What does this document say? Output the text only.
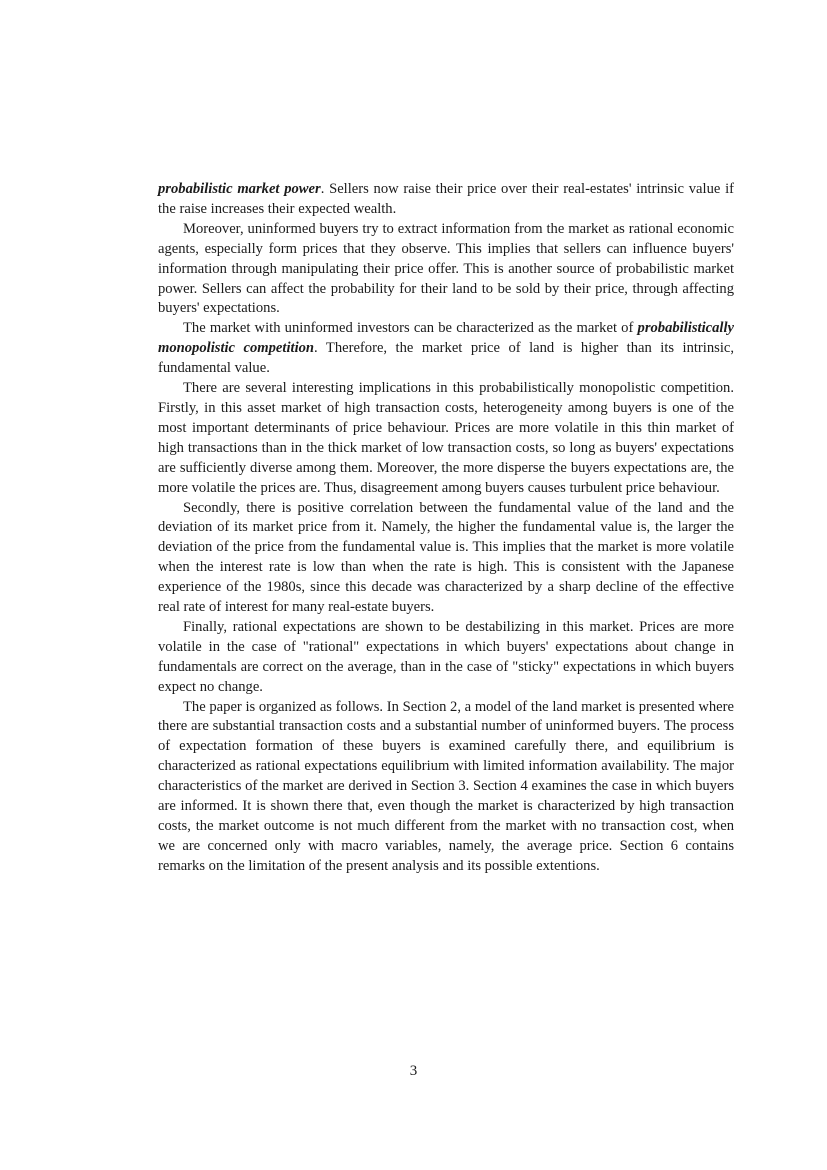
probabilistic market power. Sellers now raise their price over their real-estates' intrinsic value if the raise increases their expected wealth.

Moreover, uninformed buyers try to extract information from the market as rational economic agents, especially form prices that they observe. This implies that sellers can influence buyers' information through manipulating their price offer. This is another source of probabilistic market power. Sellers can affect the probability for their land to be sold by their price, through affecting buyers' expectations.

The market with uninformed investors can be characterized as the market of probabilistically monopolistic competition. Therefore, the market price of land is higher than its intrinsic, fundamental value.

There are several interesting implications in this probabilistically monopolistic competition. Firstly, in this asset market of high transaction costs, heterogeneity among buyers is one of the most important determinants of price behaviour. Prices are more volatile in this thin market of high transactions than in the thick market of low transaction costs, so long as buyers' expectations are sufficiently diverse among them. Moreover, the more disperse the buyers expectations are, the more volatile the prices are. Thus, disagreement among buyers causes turbulent price behaviour.

Secondly, there is positive correlation between the fundamental value of the land and the deviation of its market price from it. Namely, the higher the fundamental value is, the larger the deviation of the price from the fundamental value is. This implies that the market is more volatile when the interest rate is low than when the rate is high. This is consistent with the Japanese experience of the 1980s, since this decade was characterized by a sharp decline of the effective real rate of interest for many real-estate buyers.

Finally, rational expectations are shown to be destabilizing in this market. Prices are more volatile in the case of "rational" expectations in which buyers' expectations about change in fundamentals are correct on the average, than in the case of "sticky" expectations in which buyers expect no change.

The paper is organized as follows. In Section 2, a model of the land market is presented where there are substantial transaction costs and a substantial number of uninformed buyers. The process of expectation formation of these buyers is examined carefully there, and equilibrium is characterized as rational expectations equilibrium with limited information availability. The major characteristics of the market are derived in Section 3. Section 4 examines the case in which buyers are informed. It is shown there that, even though the market is characterized by high transaction costs, the market outcome is not much different from the market with no transaction cost, when we are concerned only with macro variables, namely, the average price. Section 6 contains remarks on the limitation of the present analysis and its possible extentions.

3
